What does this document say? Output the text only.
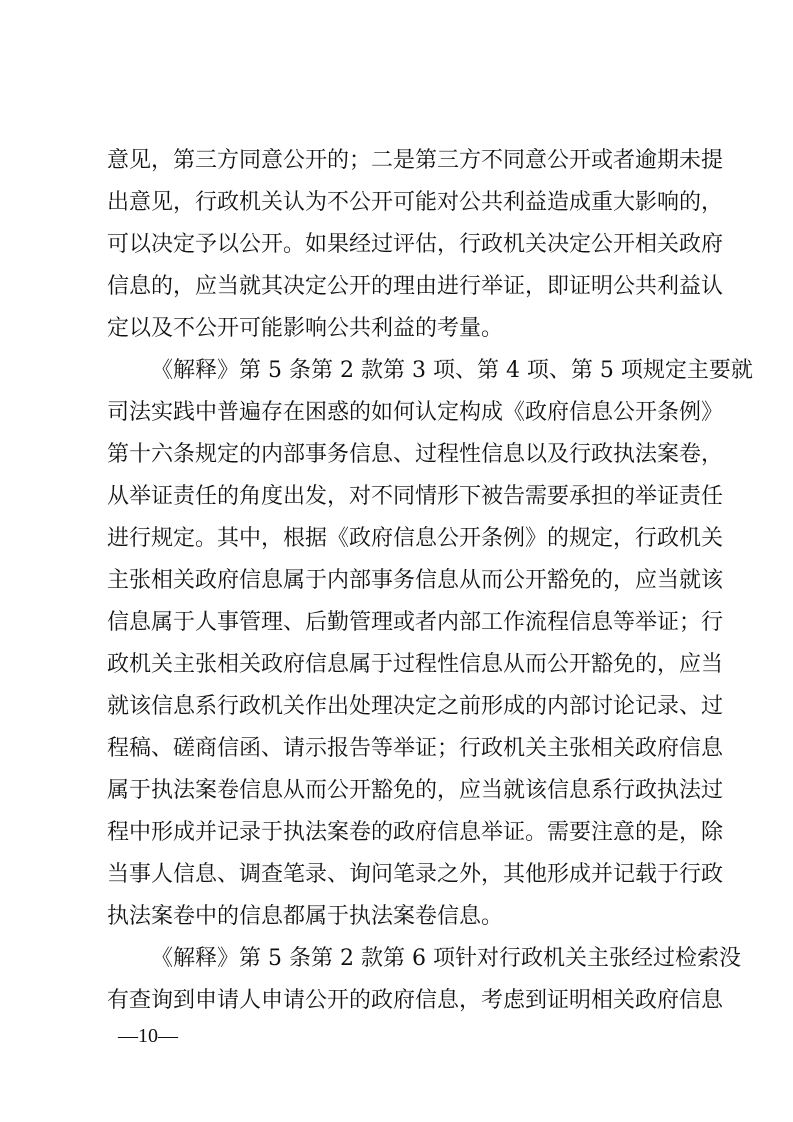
意见，第三方同意公开的；二是第三方不同意公开或者逾期未提
出意见，行政机关认为不公开可能对公共利益造成重大影响的，
可以决定予以公开。如果经过评估，行政机关决定公开相关政府
信息的，应当就其决定公开的理由进行举证，即证明公共利益认
定以及不公开可能影响公共利益的考量。
《解释》第 5 条第 2 款第 3 项、第 4 项、第 5 项规定主要就
司法实践中普遍存在困惑的如何认定构成《政府信息公开条例》
第十六条规定的内部事务信息、过程性信息以及行政执法案卷，
从举证责任的角度出发，对不同情形下被告需要承担的举证责任
进行规定。其中，根据《政府信息公开条例》的规定，行政机关
主张相关政府信息属于内部事务信息从而公开豁免的，应当就该
信息属于人事管理、后勤管理或者内部工作流程信息等举证；行
政机关主张相关政府信息属于过程性信息从而公开豁免的，应当
就该信息系行政机关作出处理决定之前形成的内部讨论记录、过
程稿、磋商信函、请示报告等举证；行政机关主张相关政府信息
属于执法案卷信息从而公开豁免的，应当就该信息系行政执法过
程中形成并记录于执法案卷的政府信息举证。需要注意的是，除
当事人信息、调查笔录、询问笔录之外，其他形成并记载于行政
执法案卷中的信息都属于执法案卷信息。
《解释》第 5 条第 2 款第 6 项针对行政机关主张经过检索没
有查询到申请人申请公开的政府信息，考虑到证明相关政府信息
—10—
